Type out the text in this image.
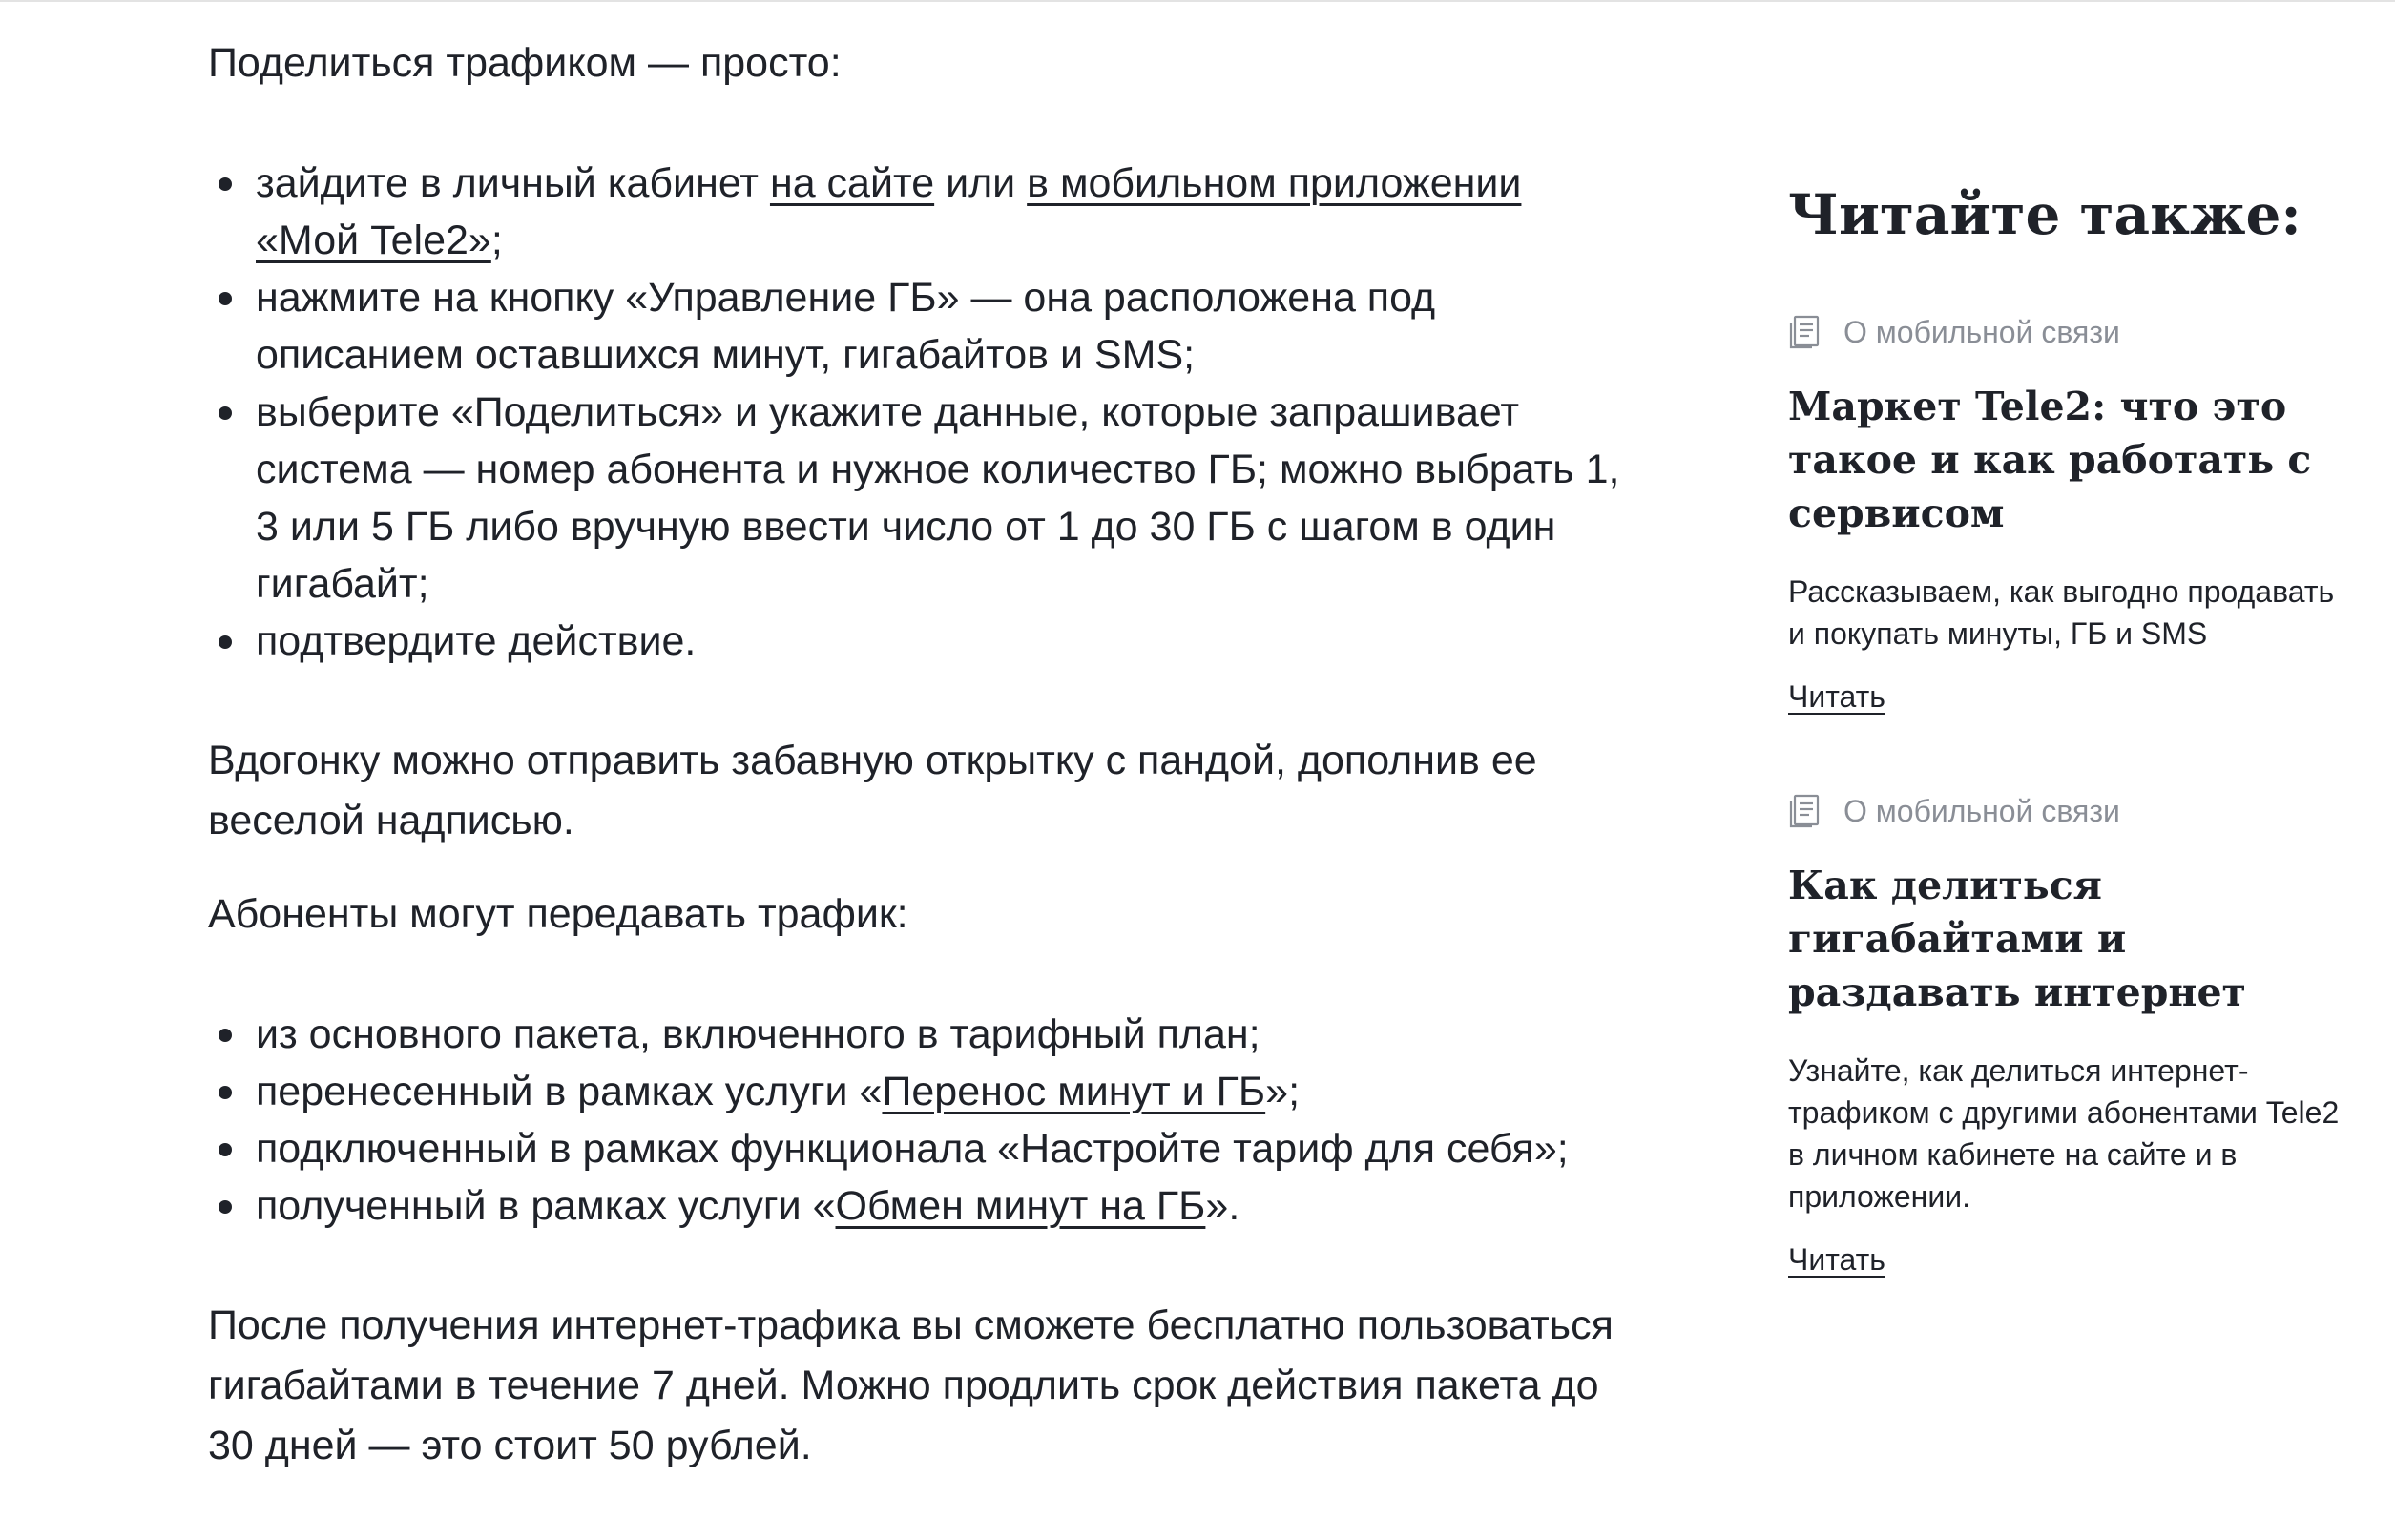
Поделиться трафиком — просто:

зайдите в личный кабинет на сайте или в мобильном приложении «Мой Tele2»;
нажмите на кнопку «Управление ГБ» — она расположена под описанием оставшихся минут, гигабайтов и SMS;
выберите «Поделиться» и укажите данные, которые запрашивает система — номер абонента и нужное количество ГБ; можно выбрать 1, 3 или 5 ГБ либо вручную ввести число от 1 до 30 ГБ с шагом в один гигабайт;
подтвердите действие.

Вдогонку можно отправить забавную открытку с пандой, дополнив ее веселой надписью.

Абоненты могут передавать трафик:

из основного пакета, включенного в тарифный план;
перенесенный в рамках услуги «Перенос минут и ГБ»;
подключенный в рамках функционала «Настройте тариф для себя»;
полученный в рамках услуги «Обмен минут на ГБ».

После получения интернет-трафика вы сможете бесплатно пользоваться гигабайтами в течение 7 дней. Можно продлить срок действия пакета до 30 дней — это стоит 50 рублей.

Читайте также:
О мобильной связи
Маркет Tele2: что это такое и как работать с сервисом

Рассказываем, как выгодно продавать и покупать минуты, ГБ и SMS

Читать
О мобильной связи
Как делиться гигабайтами и раздавать интернет

Узнайте, как делиться интернет-трафиком с другими абонентами Tele2 в личном кабинете на сайте и в приложении.

Читать
